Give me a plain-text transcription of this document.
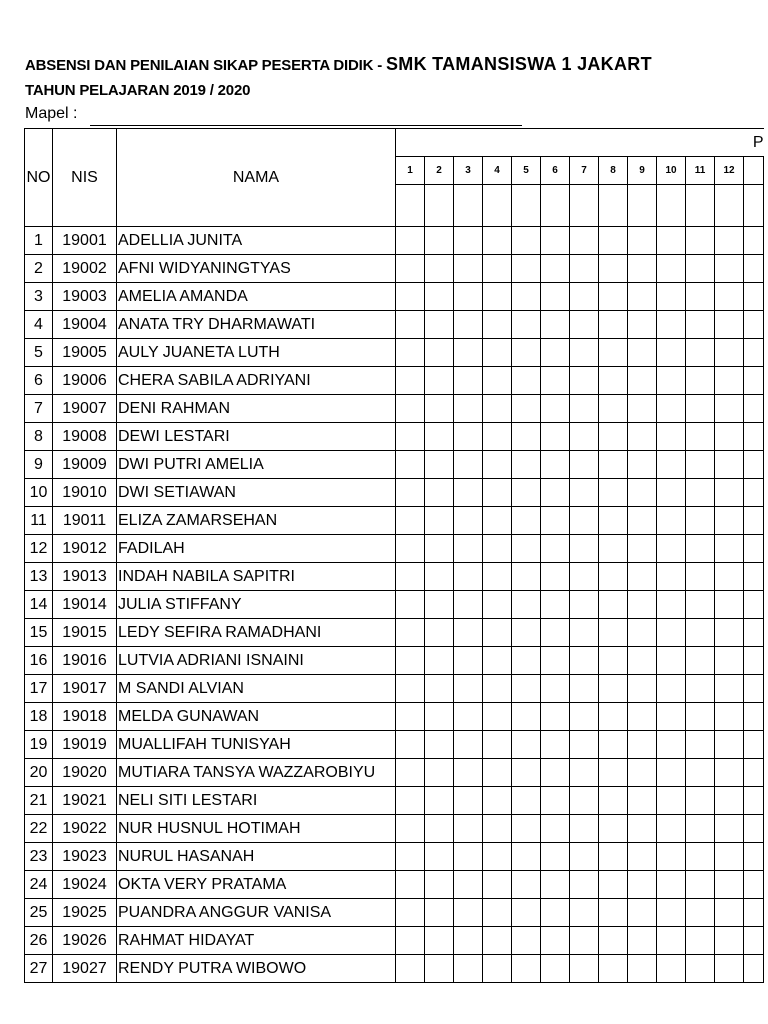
ABSENSI DAN PENILAIAN SIKAP PESERTA DIDIK - SMK TAMANSISWA 1 JAKART
TAHUN PELAJARAN 2019 / 2020
Mapel :
NO	NIS	NAMA	P												
			1	2	3	4	5	6	7	8	9	10	11	12	

1	19001	ADELLIA JUNITA													
2	19002	AFNI WIDYANINGTYAS													
3	19003	AMELIA AMANDA													
4	19004	ANATA TRY DHARMAWATI													
5	19005	AULY JUANETA LUTH													
6	19006	CHERA SABILA ADRIYANI													
7	19007	DENI RAHMAN													
8	19008	DEWI LESTARI													
9	19009	DWI PUTRI AMELIA													
10	19010	DWI SETIAWAN													
11	19011	ELIZA ZAMARSEHAN													
12	19012	FADILAH													
13	19013	INDAH NABILA SAPITRI													
14	19014	JULIA STIFFANY													
15	19015	LEDY SEFIRA RAMADHANI													
16	19016	LUTVIA ADRIANI ISNAINI													
17	19017	M SANDI ALVIAN													
18	19018	MELDA GUNAWAN													
19	19019	MUALLIFAH TUNISYAH													
20	19020	MUTIARA TANSYA WAZZAROBIYU													
21	19021	NELI SITI LESTARI													
22	19022	NUR HUSNUL HOTIMAH													
23	19023	NURUL HASANAH													
24	19024	OKTA VERY PRATAMA													
25	19025	PUANDRA ANGGUR VANISA													
26	19026	RAHMAT HIDAYAT													
27	19027	RENDY PUTRA WIBOWO													
